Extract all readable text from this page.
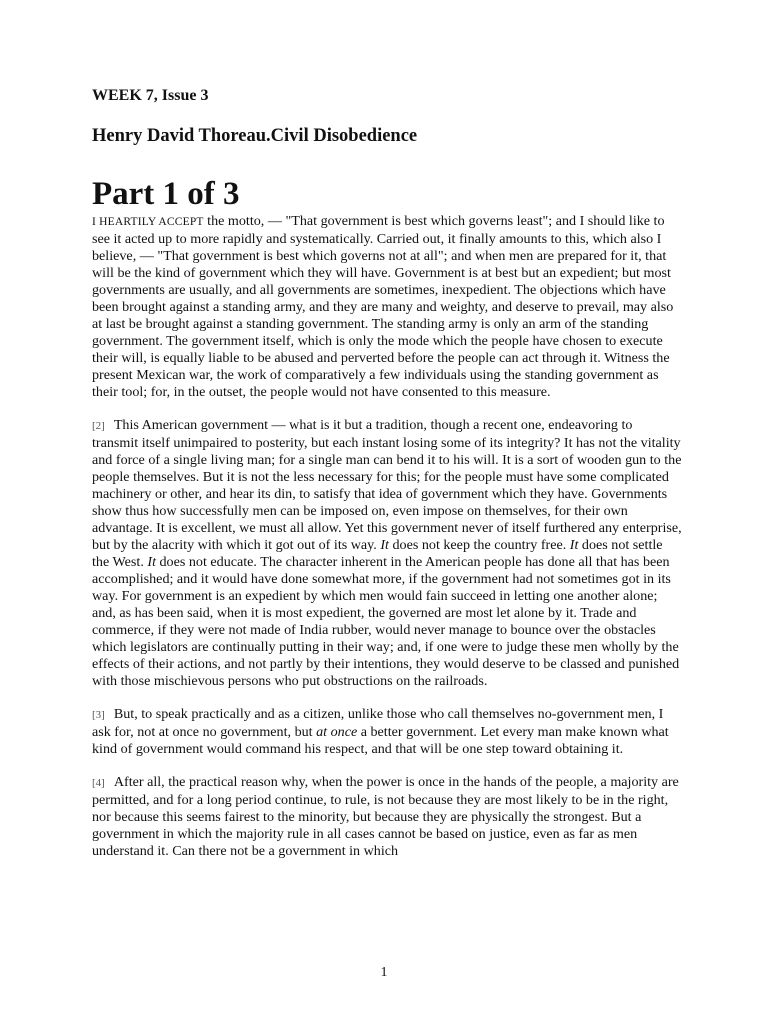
WEEK 7, Issue 3
Henry David Thoreau.Civil Disobedience
Part 1 of 3

I HEARTILY ACCEPT the motto, — "That government is best which governs least"; and I should like to see it acted up to more rapidly and systematically. Carried out, it finally amounts to this, which also I believe, — "That government is best which governs not at all"; and when men are prepared for it, that will be the kind of government which they will have. Government is at best but an expedient; but most governments are usually, and all governments are sometimes, inexpedient. The objections which have been brought against a standing army, and they are many and weighty, and deserve to prevail, may also at last be brought against a standing government. The standing army is only an arm of the standing government. The government itself, which is only the mode which the people have chosen to execute their will, is equally liable to be abused and perverted before the people can act through it. Witness the present Mexican war, the work of comparatively a few individuals using the standing government as their tool; for, in the outset, the people would not have consented to this measure.

[2] This American government — what is it but a tradition, though a recent one, endeavoring to transmit itself unimpaired to posterity, but each instant losing some of its integrity? It has not the vitality and force of a single living man; for a single man can bend it to his will. It is a sort of wooden gun to the people themselves. But it is not the less necessary for this; for the people must have some complicated machinery or other, and hear its din, to satisfy that idea of government which they have. Governments show thus how successfully men can be imposed on, even impose on themselves, for their own advantage. It is excellent, we must all allow. Yet this government never of itself furthered any enterprise, but by the alacrity with which it got out of its way. It does not keep the country free. It does not settle the West. It does not educate. The character inherent in the American people has done all that has been accomplished; and it would have done somewhat more, if the government had not sometimes got in its way. For government is an expedient by which men would fain succeed in letting one another alone; and, as has been said, when it is most expedient, the governed are most let alone by it. Trade and commerce, if they were not made of India rubber, would never manage to bounce over the obstacles which legislators are continually putting in their way; and, if one were to judge these men wholly by the effects of their actions, and not partly by their intentions, they would deserve to be classed and punished with those mischievous persons who put obstructions on the railroads.

[3] But, to speak practically and as a citizen, unlike those who call themselves no-government men, I ask for, not at once no government, but at once a better government. Let every man make known what kind of government would command his respect, and that will be one step toward obtaining it.

[4] After all, the practical reason why, when the power is once in the hands of the people, a majority are permitted, and for a long period continue, to rule, is not because they are most likely to be in the right, nor because this seems fairest to the minority, but because they are physically the strongest. But a government in which the majority rule in all cases cannot be based on justice, even as far as men understand it. Can there not be a government in which

1
